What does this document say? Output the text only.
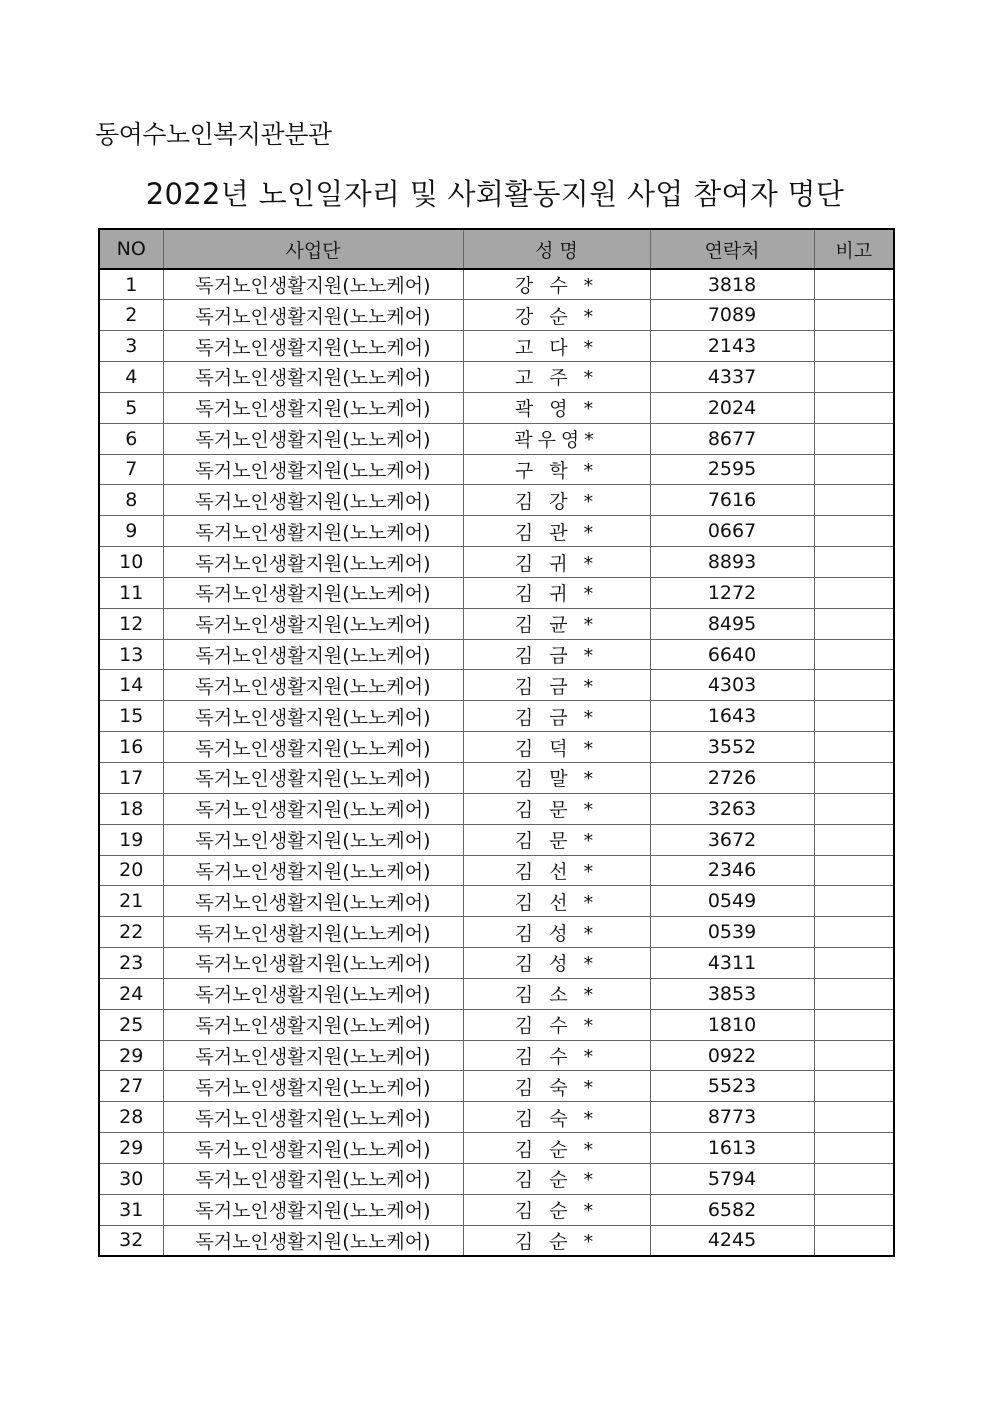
동여수노인복지관분관
2022년 노인일자리 및 사회활동지원 사업 참여자 명단
NO	사업단	성 명	연락처	비고
1	독거노인생활지원(노노케어)	강 수 *	3818	
2	독거노인생활지원(노노케어)	강 순 *	7089	
3	독거노인생활지원(노노케어)	고 다 *	2143	
4	독거노인생활지원(노노케어)	고 주 *	4337	
5	독거노인생활지원(노노케어)	곽 영 *	2024	
6	독거노인생활지원(노노케어)	곽우영*	8677	
7	독거노인생활지원(노노케어)	구 학 *	2595	
8	독거노인생활지원(노노케어)	김 강 *	7616	
9	독거노인생활지원(노노케어)	김 관 *	0667	
10	독거노인생활지원(노노케어)	김 귀 *	8893	
11	독거노인생활지원(노노케어)	김 귀 *	1272	
12	독거노인생활지원(노노케어)	김 균 *	8495	
13	독거노인생활지원(노노케어)	김 금 *	6640	
14	독거노인생활지원(노노케어)	김 금 *	4303	
15	독거노인생활지원(노노케어)	김 금 *	1643	
16	독거노인생활지원(노노케어)	김 덕 *	3552	
17	독거노인생활지원(노노케어)	김 말 *	2726	
18	독거노인생활지원(노노케어)	김 문 *	3263	
19	독거노인생활지원(노노케어)	김 문 *	3672	
20	독거노인생활지원(노노케어)	김 선 *	2346	
21	독거노인생활지원(노노케어)	김 선 *	0549	
22	독거노인생활지원(노노케어)	김 성 *	0539	
23	독거노인생활지원(노노케어)	김 성 *	4311	
24	독거노인생활지원(노노케어)	김 소 *	3853	
25	독거노인생활지원(노노케어)	김 수 *	1810	
29	독거노인생활지원(노노케어)	김 수 *	0922	
27	독거노인생활지원(노노케어)	김 숙 *	5523	
28	독거노인생활지원(노노케어)	김 숙 *	8773	
29	독거노인생활지원(노노케어)	김 순 *	1613	
30	독거노인생활지원(노노케어)	김 순 *	5794	
31	독거노인생활지원(노노케어)	김 순 *	6582	
32	독거노인생활지원(노노케어)	김 순 *	4245	
